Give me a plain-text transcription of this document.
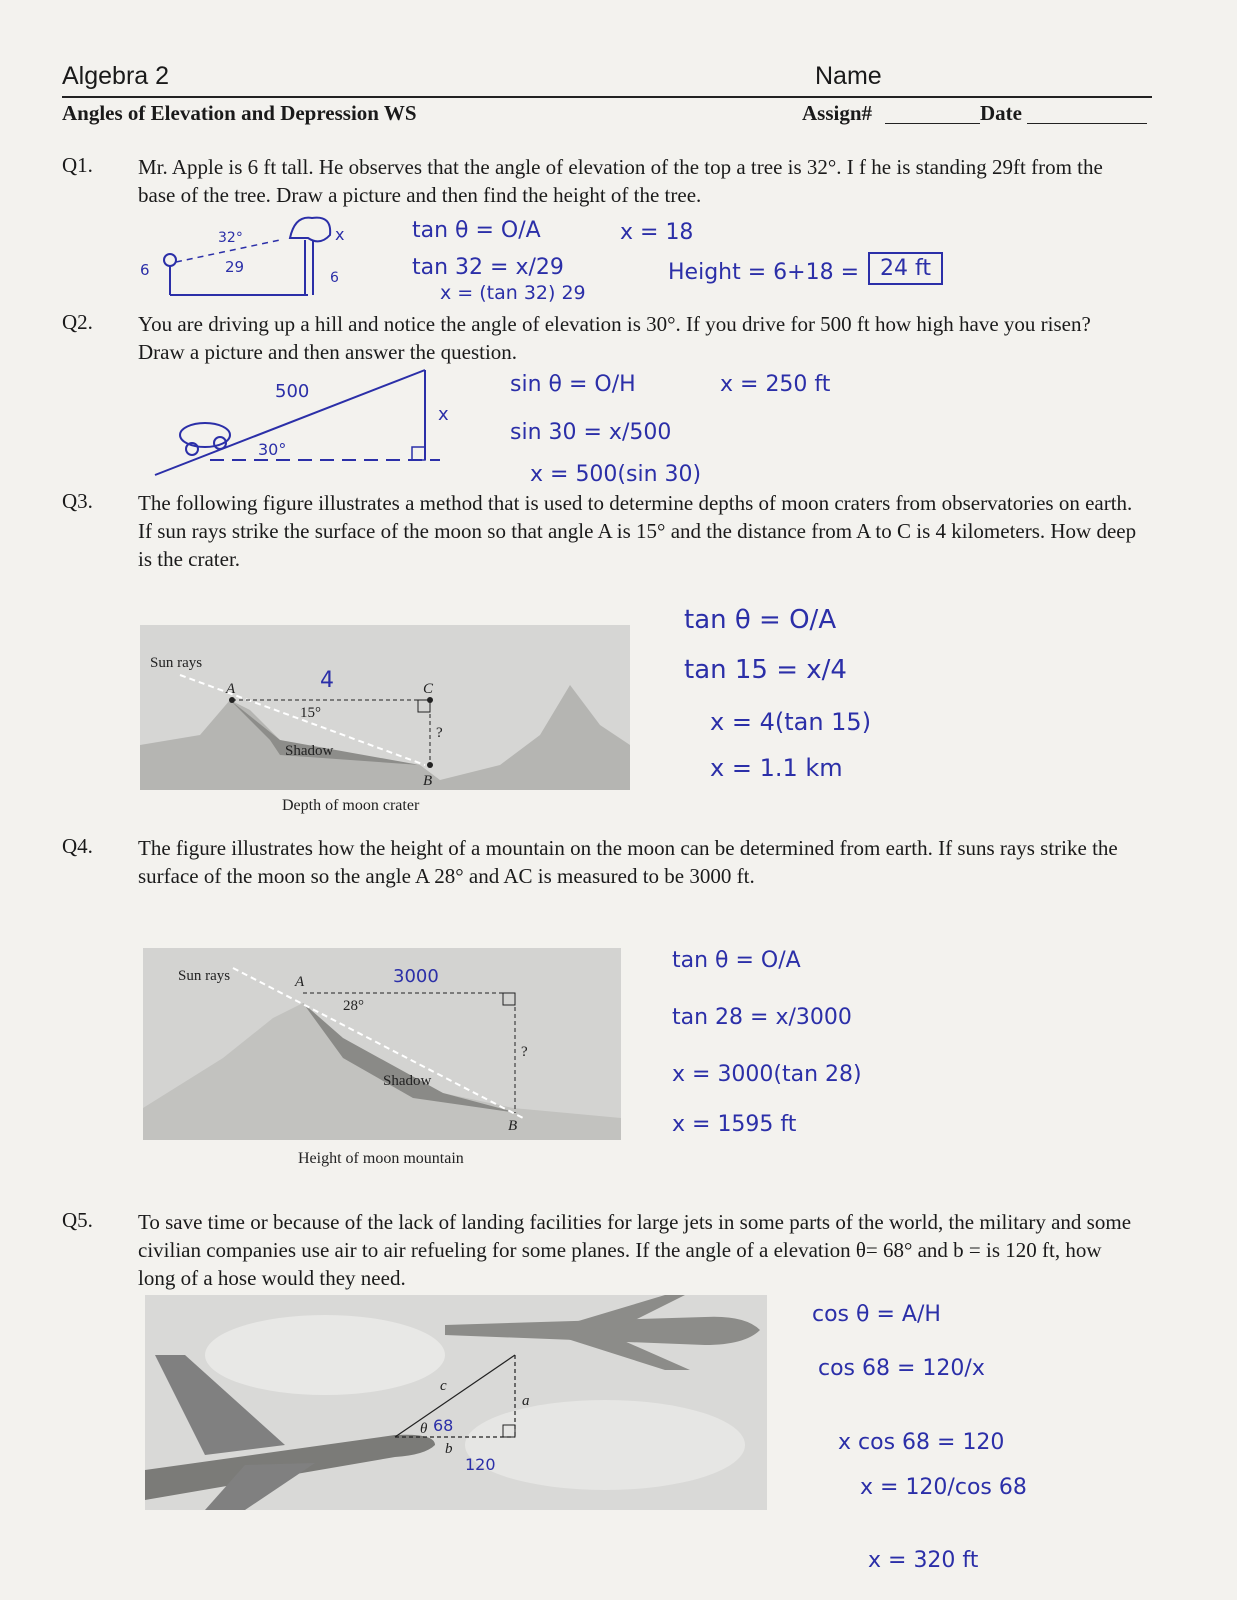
Algebra 2	Name
Angles of Elevation and Depression WS	Assign#	Date
Q1. Mr. Apple is 6 ft tall. He observes that the angle of elevation of the top a tree is 32°. I f he is standing 29ft from the base of the tree. Draw a picture and then find the height of the tree.
32°
29
6
x
6
tan θ = O/A
tan 32 = x/29
x = (tan 32) 29
x = 18
Height = 6+18 = 24 ft
Q2. You are driving up a hill and notice the angle of elevation is 30°. If you drive for 500 ft how high have you risen? Draw a picture and then answer the question.
500
30°
x
sin θ = O/H
sin 30 = x/500
x = 500(sin 30)
x = 250 ft
Q3. The following figure illustrates a method that is used to determine depths of moon craters from observatories on earth. If sun rays strike the surface of the moon so that angle A is 15° and the distance from A to C is 4 kilometers. How deep is the crater.
Sun rays
A	C
B
15°
Shadow
?
4
Depth of moon crater
tan θ = O/A
tan 15 = x/4
x = 4(tan 15)
x = 1.1 km
Q4. The figure illustrates how the height of a mountain on the moon can be determined from earth. If suns rays strike the surface of the moon so the angle A 28° and AC is measured to be 3000 ft.
Sun rays	A
B
28°
Shadow
?
3000
Height of moon mountain
tan θ = O/A
tan 28 = x/3000
x = 3000(tan 28)
x = 1595 ft
Q5. To save time or because of the lack of landing facilities for large jets in some parts of the world, the military and some civilian companies use air to air refueling for some planes. If the angle of a elevation θ= 68° and b = is 120 ft, how long of a hose would they need.
c
a
b
θ 68
120
cos θ = A/H
cos 68 = 120/x
x cos 68 = 120
x = 120/cos 68
x = 320 ft
